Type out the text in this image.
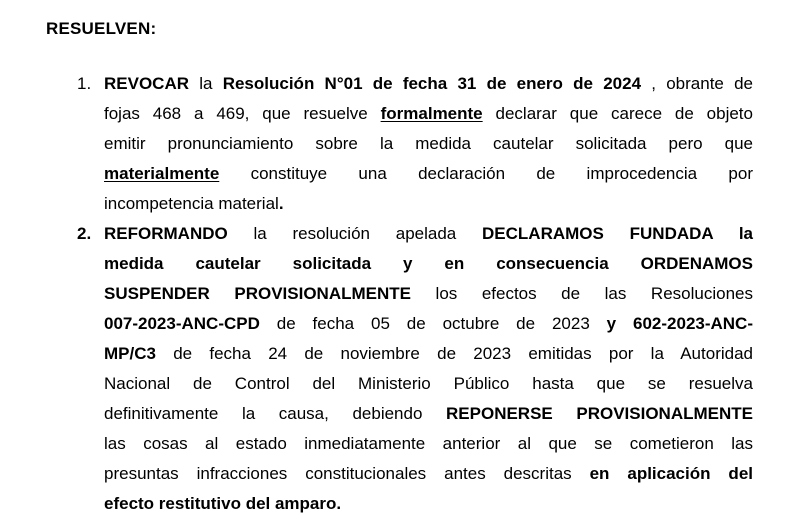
RESUELVEN:
1.
2.
REVOCAR la Resolución N°01 de fecha 31 de enero de 2024 , obrante de
fojas 468 a 469, que resuelve formalmente declarar que carece de objeto
emitir pronunciamiento sobre la medida cautelar solicitada pero que
materialmente constituye una declaración de improcedencia por
incompetencia material.
REFORMANDO la resolución apelada DECLARAMOS FUNDADA la
medida cautelar solicitada y en consecuencia ORDENAMOS
SUSPENDER PROVISIONALMENTE los efectos de las Resoluciones
007-2023-ANC-CPD de fecha 05 de octubre de 2023 y 602-2023-ANC-
MP/C3 de fecha 24 de noviembre de 2023 emitidas por la Autoridad
Nacional de Control del Ministerio Público hasta que se resuelva
definitivamente la causa, debiendo REPONERSE PROVISIONALMENTE
las cosas al estado inmediatamente anterior al que se cometieron las
presuntas infracciones constitucionales antes descritas en aplicación del
efecto restitutivo del amparo.
